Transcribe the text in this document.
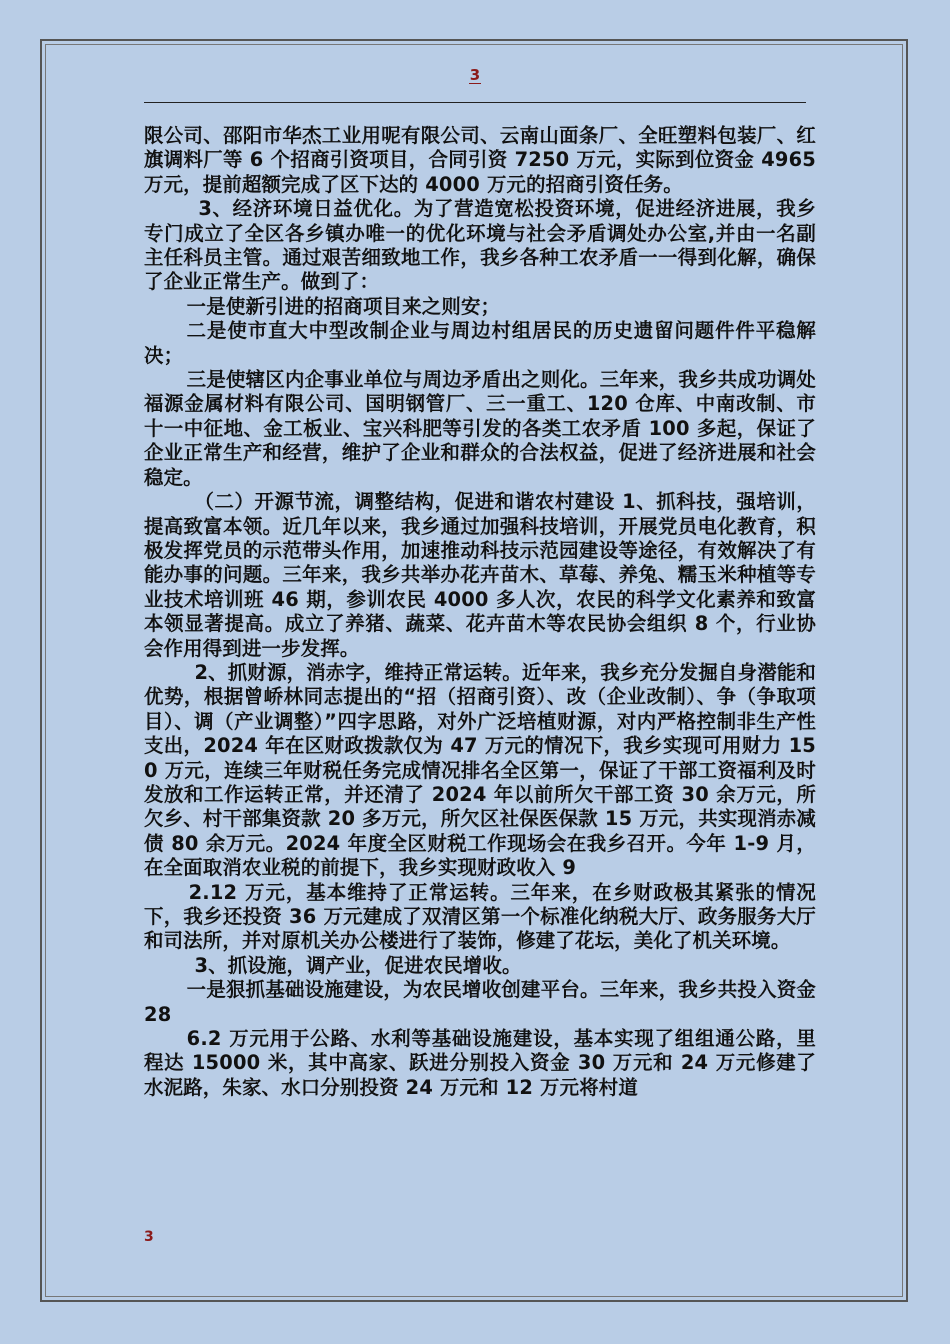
3

限公司、邵阳市华杰工业用呢有限公司、云南山面条厂、全旺塑料包装厂、红旗调料厂等 6 个招商引资项目，合同引资 7250 万元，实际到位资金 4965 万元，提前超额完成了区下达的 4000 万元的招商引资任务。

3、经济环境日益优化。为了营造宽松投资环境，促进经济进展，我乡专门成立了全区各乡镇办唯一的优化环境与社会矛盾调处办公室,并由一名副主任科员主管。通过艰苦细致地工作，我乡各种工农矛盾一一得到化解，确保了企业正常生产。做到了：

一是使新引进的招商项目来之则安；

二是使市直大中型改制企业与周边村组居民的历史遗留问题件件平稳解决；

三是使辖区内企事业单位与周边矛盾出之则化。三年来，我乡共成功调处福源金属材料有限公司、国明钢管厂、三一重工、120 仓库、中南改制、市十一中征地、金工板业、宝兴科肥等引发的各类工农矛盾 100 多起，保证了企业正常生产和经营，维护了企业和群众的合法权益，促进了经济进展和社会稳定。

（二）开源节流，调整结构，促进和谐农村建设 1、抓科技，强培训，提高致富本领。近几年以来，我乡通过加强科技培训，开展党员电化教育，积极发挥党员的示范带头作用，加速推动科技示范园建设等途径，有效解决了有能办事的问题。三年来，我乡共举办花卉苗木、草莓、养兔、糯玉米种植等专业技术培训班 46 期，参训农民 4000 多人次，农民的科学文化素养和致富本领显著提高。成立了养猪、蔬菜、花卉苗木等农民协会组织 8 个，行业协会作用得到进一步发挥。

2、抓财源，消赤字，维持正常运转。近年来，我乡充分发掘自身潜能和优势，根据曾峤林同志提出的“招（招商引资）、改（企业改制）、争（争取项目）、调（产业调整）”四字思路，对外广泛培植财源，对内严格控制非生产性支出，2024 年在区财政拨款仅为 47 万元的情况下，我乡实现可用财力 150 万元，连续三年财税任务完成情况排名全区第一，保证了干部工资福利及时发放和工作运转正常，并还清了 2024 年以前所欠干部工资 30 余万元，所欠乡、村干部集资款 20 多万元，所欠区社保医保款 15 万元，共实现消赤减债 80 余万元。2024 年度全区财税工作现场会在我乡召开。今年 1-9 月，在全面取消农业税的前提下，我乡实现财政收入 9

2.12 万元，基本维持了正常运转。三年来，在乡财政极其紧张的情况下，我乡还投资 36 万元建成了双清区第一个标准化纳税大厅、政务服务大厅和司法所，并对原机关办公楼进行了装饰，修建了花坛，美化了机关环境。

3、抓设施，调产业，促进农民增收。

一是狠抓基础设施建设，为农民增收创建平台。三年来，我乡共投入资金 28

6.2 万元用于公路、水利等基础设施建设，基本实现了组组通公路，里程达 15000 米，其中高家、跃进分别投入资金 30 万元和 24 万元修建了水泥路，朱家、水口分别投资 24 万元和 12 万元将村道

3
